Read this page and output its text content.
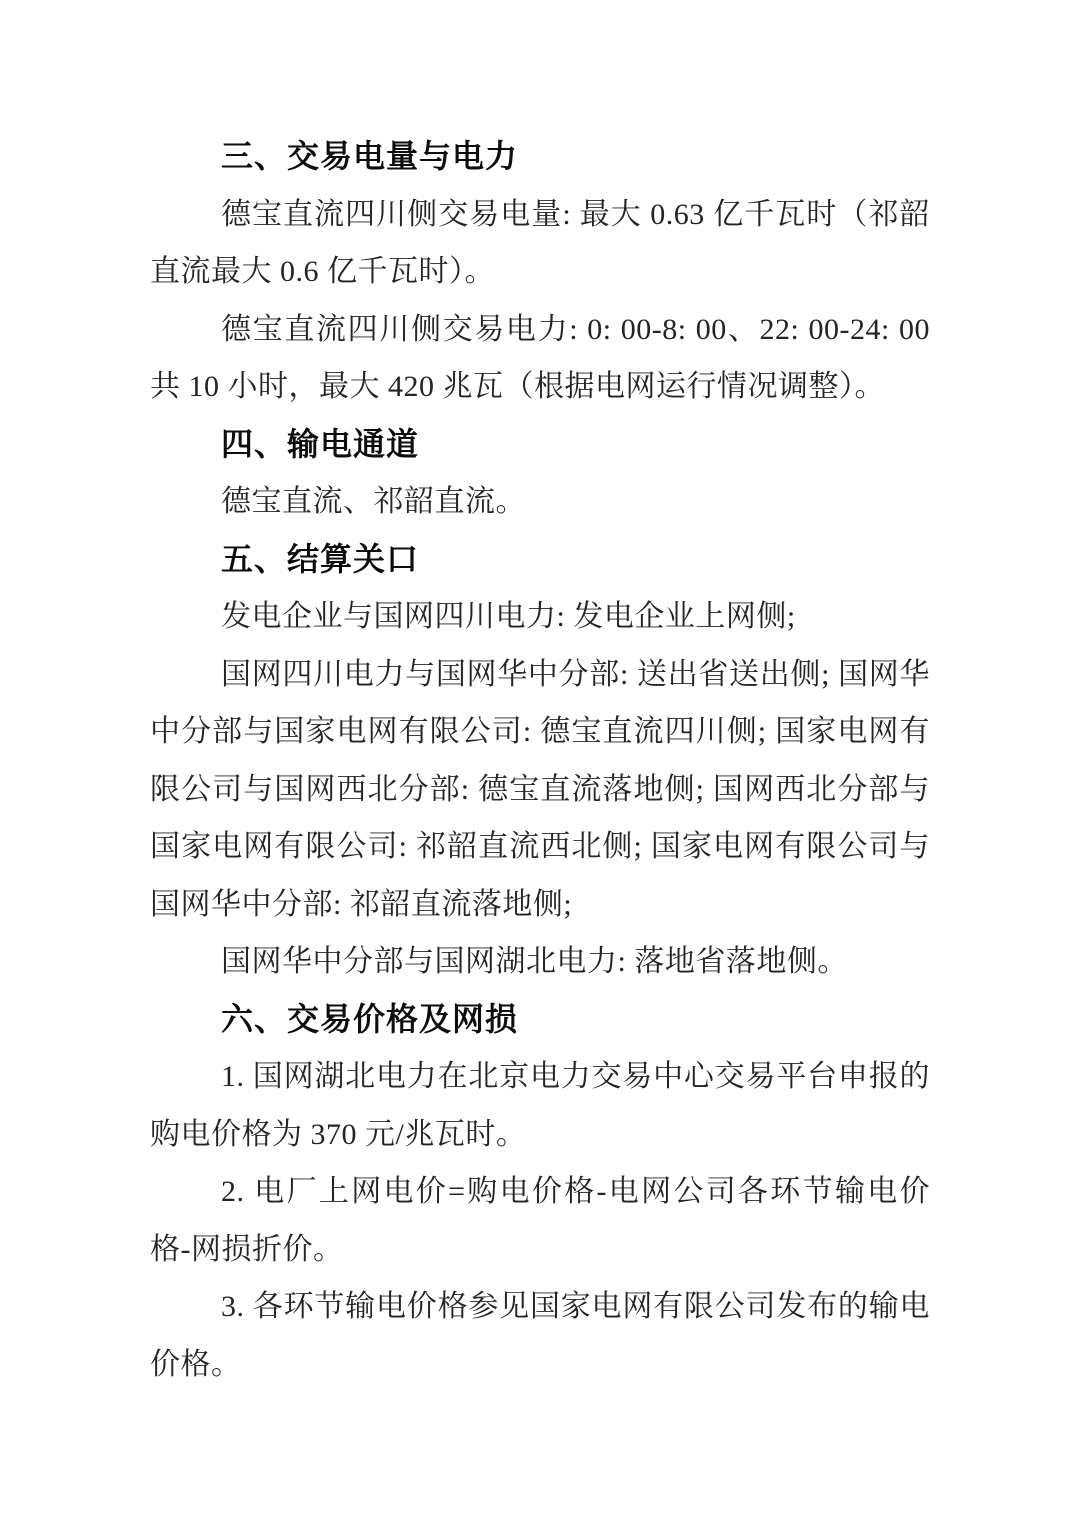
三、交易电量与电力

德宝直流四川侧交易电量: 最大 0.63 亿千瓦时（祁韶直流最大 0.6 亿千瓦时）。

德宝直流四川侧交易电力: 0: 00-8: 00、22: 00-24: 00 共 10 小时，最大 420 兆瓦（根据电网运行情况调整）。

四、输电通道

德宝直流、祁韶直流。

五、结算关口

发电企业与国网四川电力: 发电企业上网侧;

国网四川电力与国网华中分部: 送出省送出侧; 国网华中分部与国家电网有限公司: 德宝直流四川侧; 国家电网有限公司与国网西北分部: 德宝直流落地侧; 国网西北分部与国家电网有限公司: 祁韶直流西北侧; 国家电网有限公司与国网华中分部: 祁韶直流落地侧;

国网华中分部与国网湖北电力: 落地省落地侧。

六、交易价格及网损

1. 国网湖北电力在北京电力交易中心交易平台申报的购电价格为 370 元/兆瓦时。

2. 电厂上网电价=购电价格-电网公司各环节输电价格-网损折价。

3. 各环节输电价格参见国家电网有限公司发布的输电价格。
